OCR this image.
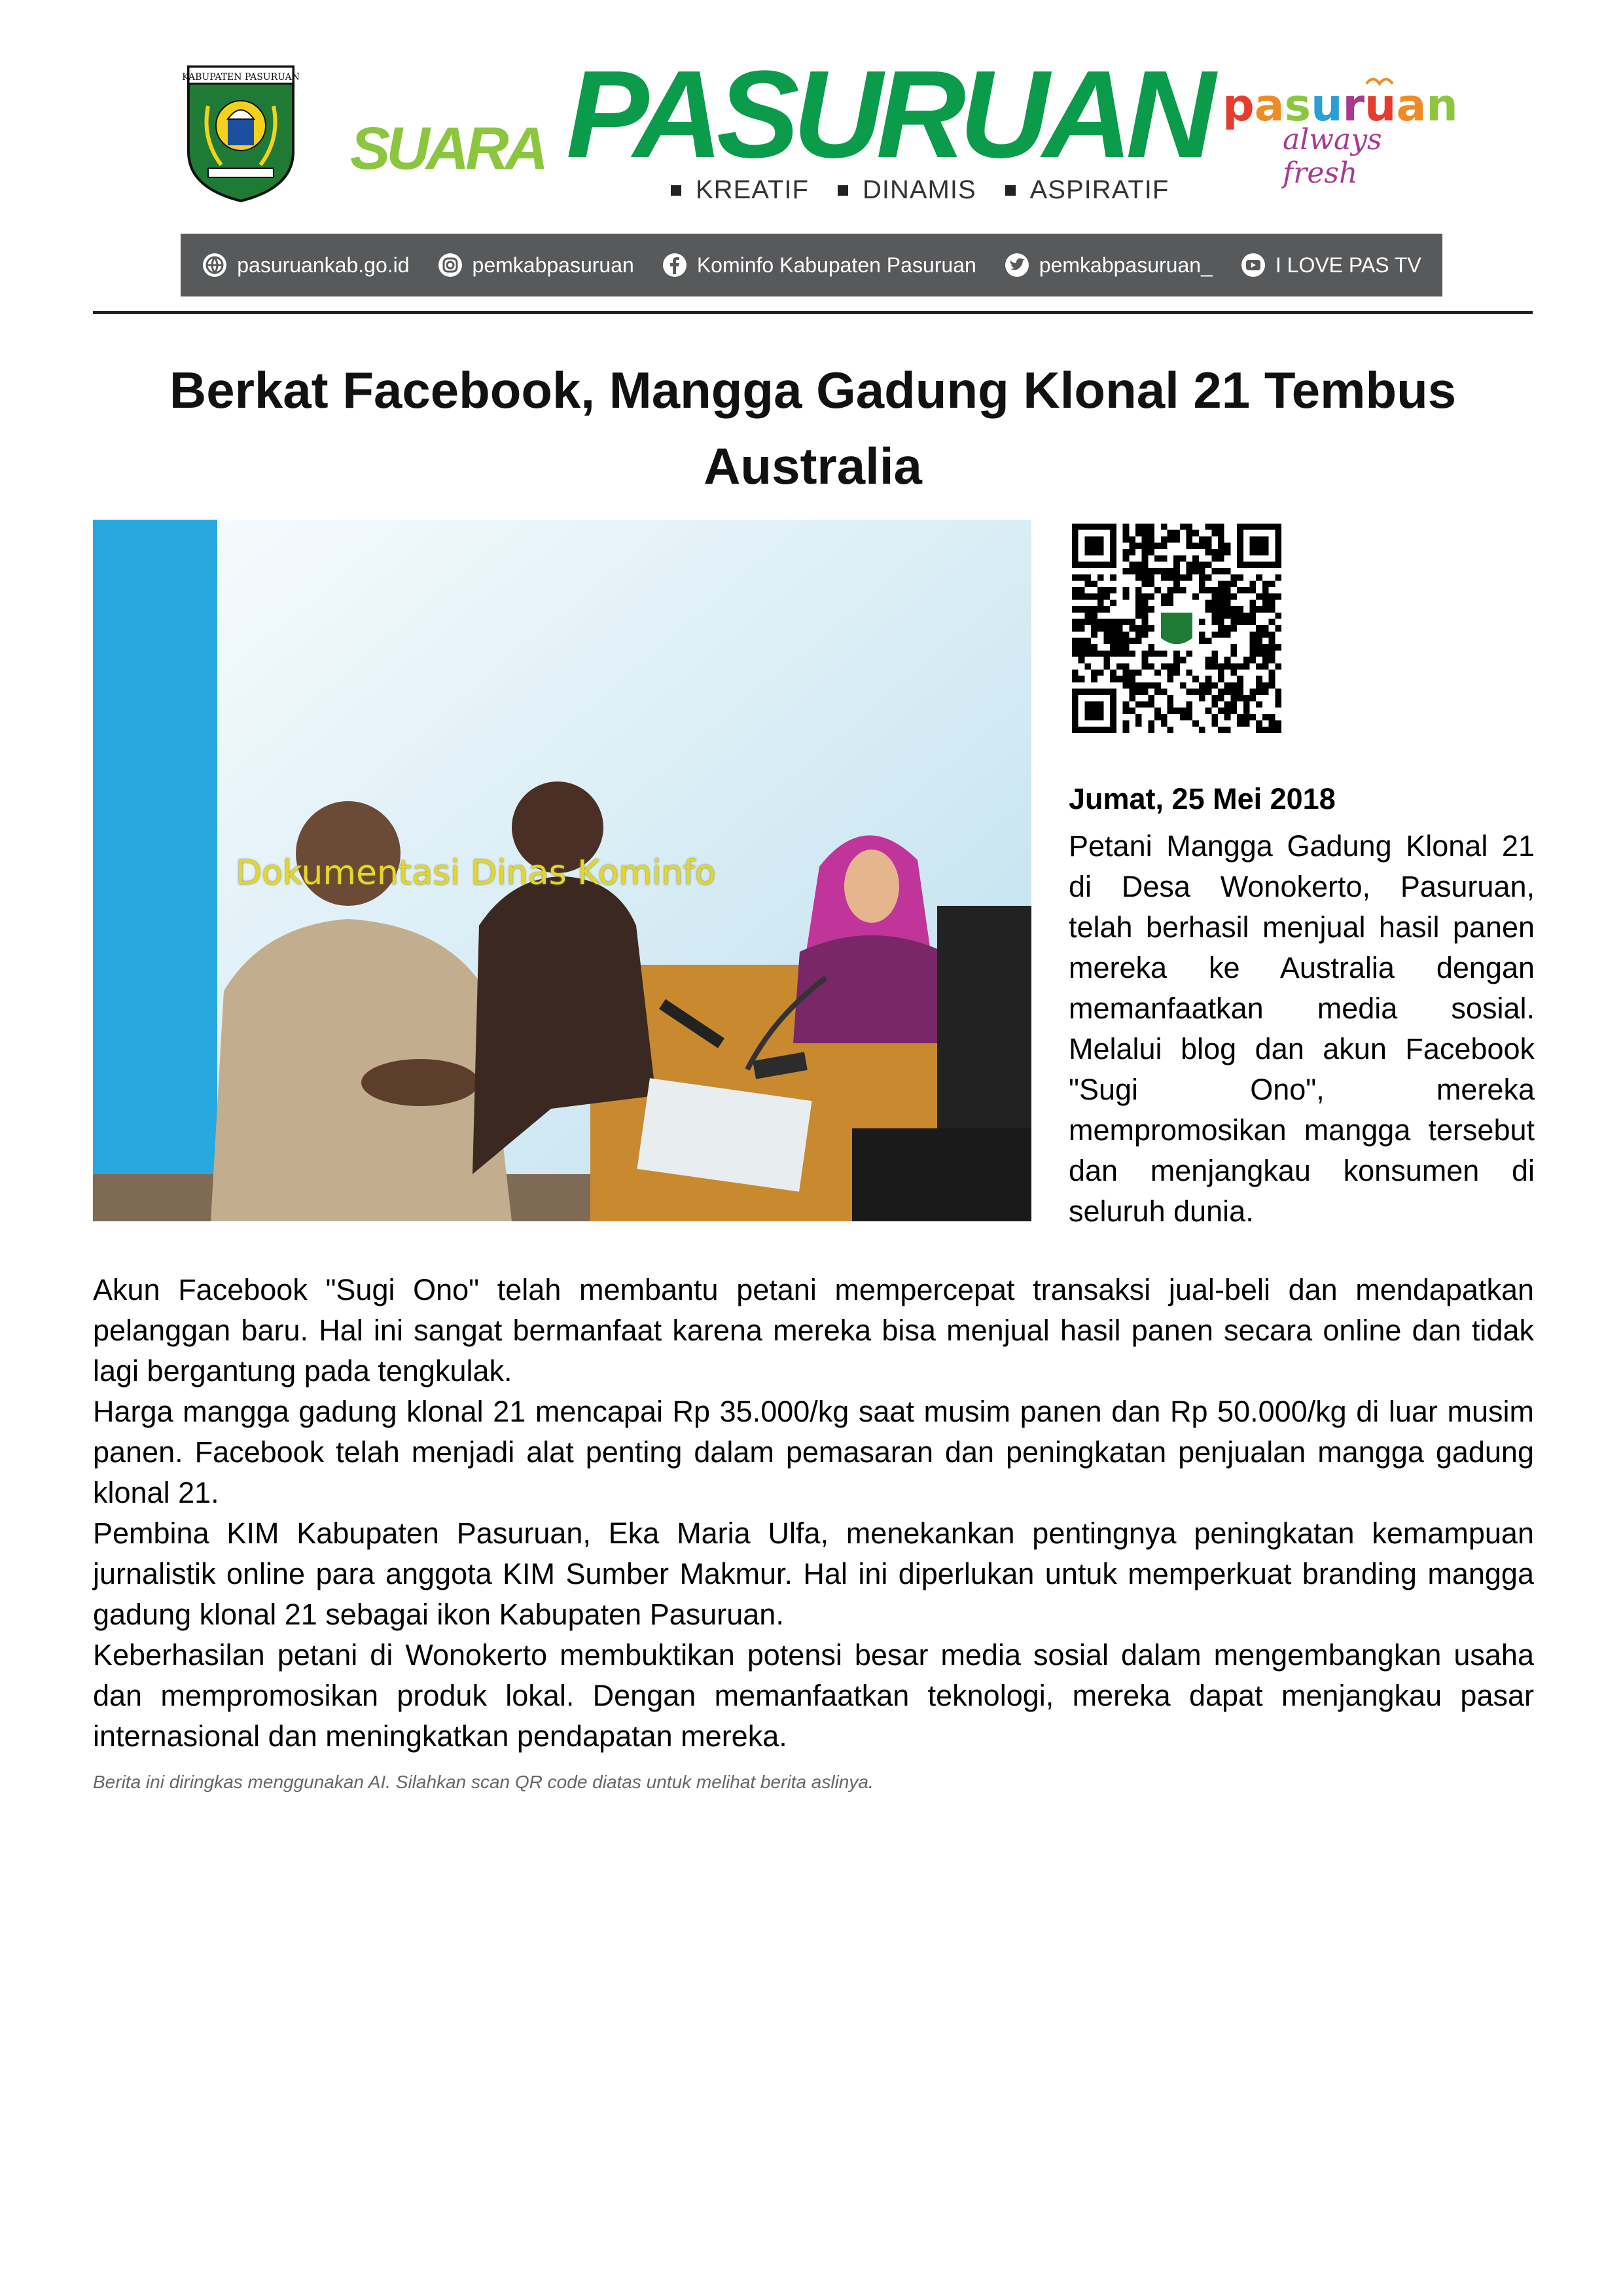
KABUPATEN PASURUAN
SUARA PASURUAN
KREATIF DINAMIS ASPIRATIF
pasuruan
always fresh
pasuruankab.go.id	pemkabpasuruan	Kominfo Kabupaten Pasuruan	pemkabpasuruan_	I LOVE PAS TV
Berkat Facebook, Mangga Gadung Klonal 21 Tembus Australia
Dokumentasi Dinas Kominfo
Jumat, 25 Mei 2018

Petani Mangga Gadung Klonal 21 di Desa Wonokerto, Pasuruan, telah berhasil menjual hasil panen mereka ke Australia dengan memanfaatkan media sosial. Melalui blog dan akun Facebook "Sugi Ono", mereka mempromosikan mangga tersebut dan menjangkau konsumen di seluruh dunia.

Akun Facebook "Sugi Ono" telah membantu petani mempercepat transaksi jual-beli dan mendapatkan pelanggan baru. Hal ini sangat bermanfaat karena mereka bisa menjual hasil panen secara online dan tidak lagi bergantung pada tengkulak.

Harga mangga gadung klonal 21 mencapai Rp 35.000/kg saat musim panen dan Rp 50.000/kg di luar musim panen. Facebook telah menjadi alat penting dalam pemasaran dan peningkatan penjualan mangga gadung klonal 21.

Pembina KIM Kabupaten Pasuruan, Eka Maria Ulfa, menekankan pentingnya peningkatan kemampuan jurnalistik online para anggota KIM Sumber Makmur. Hal ini diperlukan untuk memperkuat branding mangga gadung klonal 21 sebagai ikon Kabupaten Pasuruan.

Keberhasilan petani di Wonokerto membuktikan potensi besar media sosial dalam mengembangkan usaha dan mempromosikan produk lokal. Dengan memanfaatkan teknologi, mereka dapat menjangkau pasar internasional dan meningkatkan pendapatan mereka.

Berita ini diringkas menggunakan AI. Silahkan scan QR code diatas untuk melihat berita aslinya.
